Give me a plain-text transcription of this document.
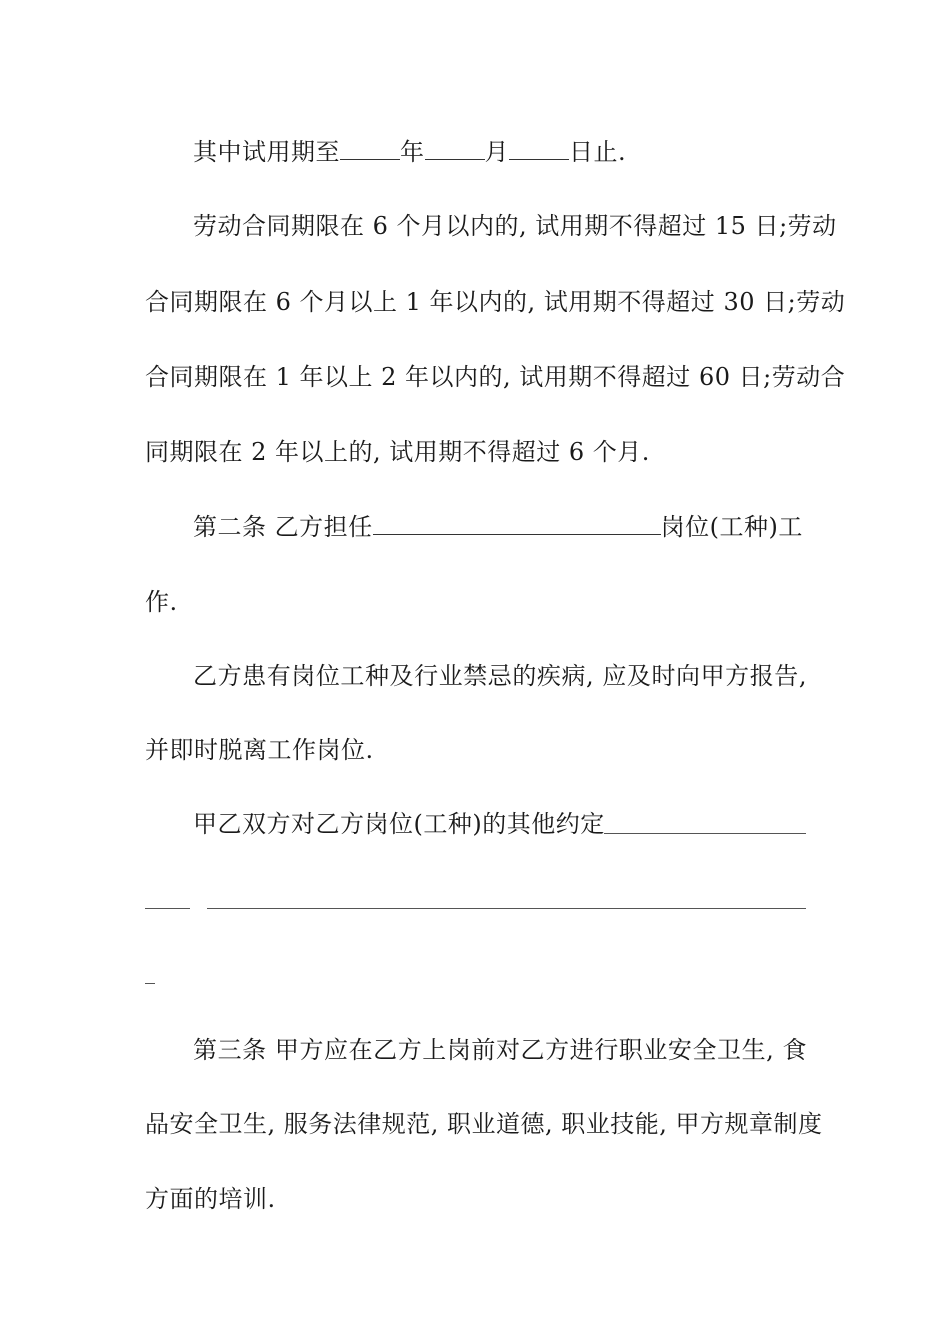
其中试用期至	年	月	日止.
劳动合同期限在 6 个月以内的, 试用期不得超过 15 日;劳动
合同期限在 6 个月以上 1 年以内的, 试用期不得超过 30 日;劳动
合同期限在 1 年以上 2 年以内的, 试用期不得超过 60 日;劳动合
同期限在 2 年以上的, 试用期不得超过 6 个月.
第二条 乙方担任	岗位(工种)工
作.
乙方患有岗位工种及行业禁忌的疾病, 应及时向甲方报告,
并即时脱离工作岗位.
甲乙双方对乙方岗位(工种)的其他约定
第三条 甲方应在乙方上岗前对乙方进行职业安全卫生, 食
品安全卫生, 服务法律规范, 职业道德, 职业技能, 甲方规章制度
方面的培训.
